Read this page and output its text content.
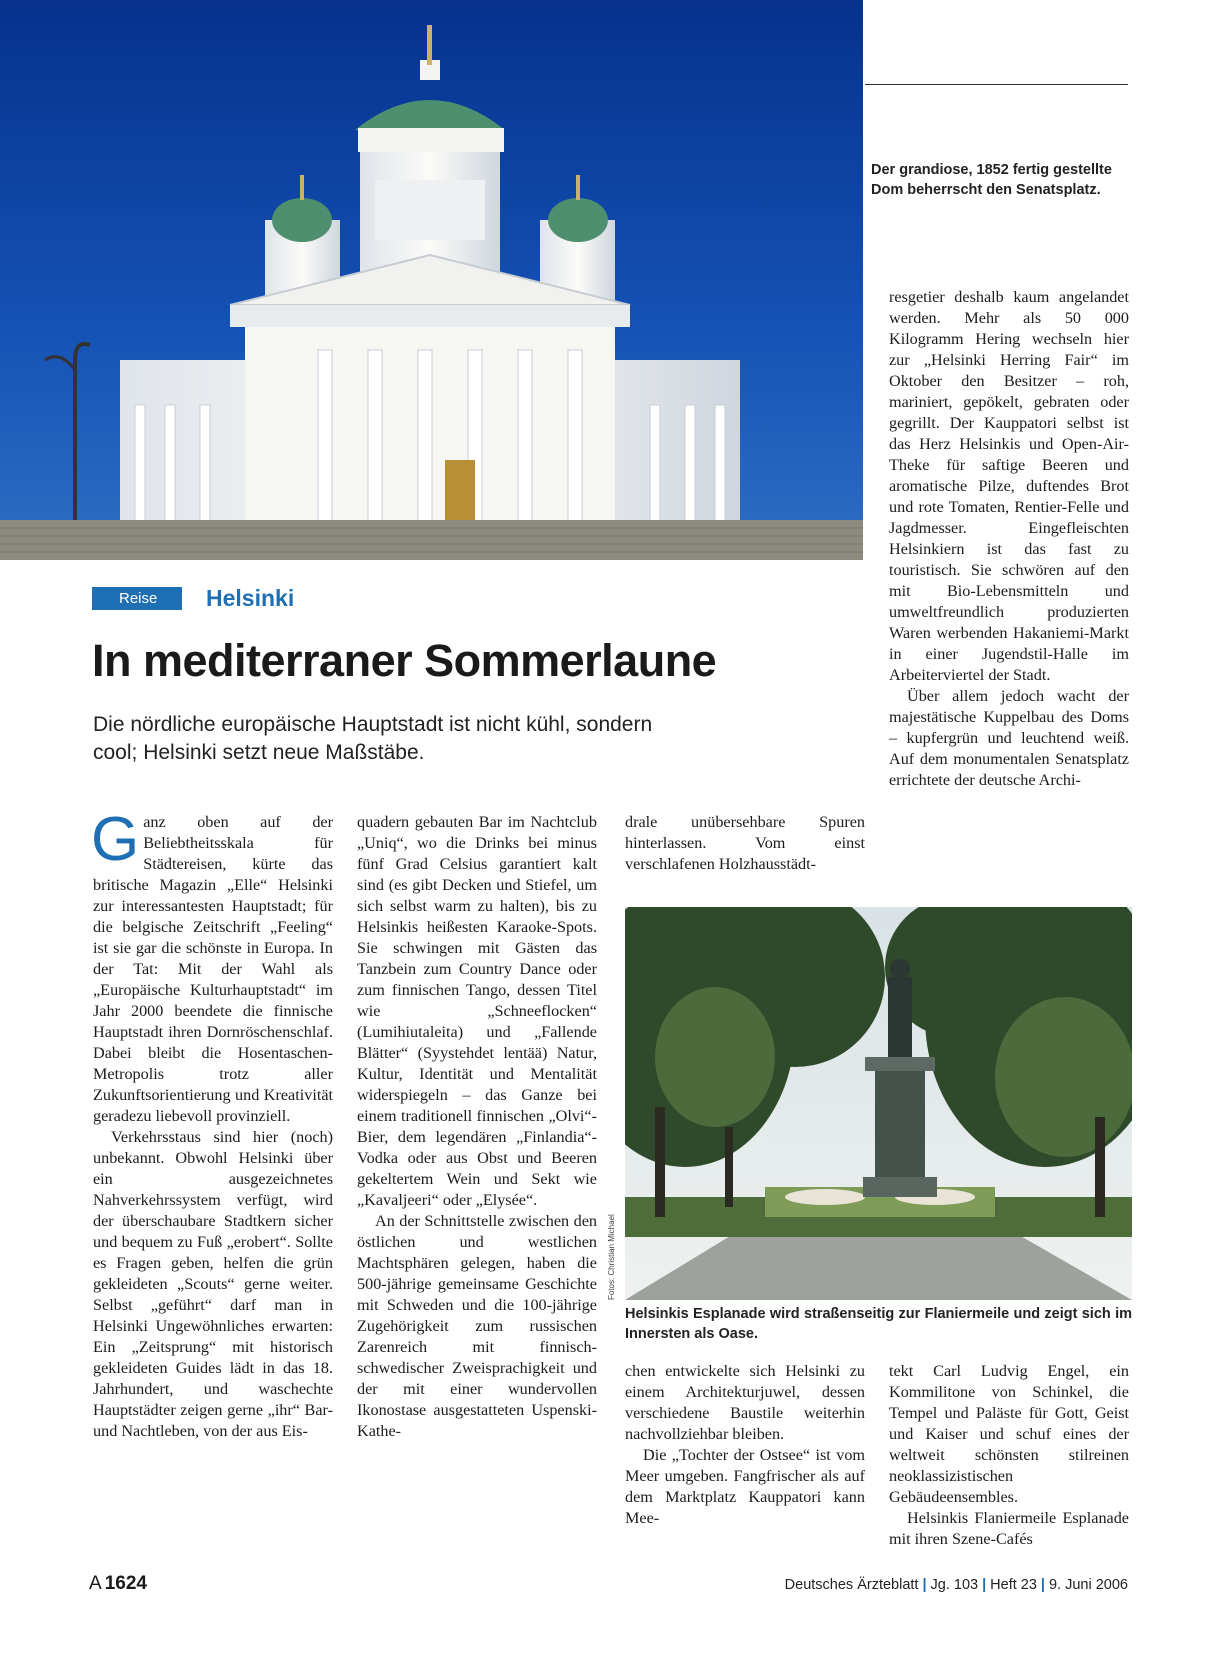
Der grandiose, 1852 fertig gestellte Dom beherrscht den Senatsplatz.
Reise	Helsinki
In mediterraner Sommerlaune
Die nördliche europäische Hauptstadt ist nicht kühl, sondern cool; Helsinki setzt neue Maßstäbe.

Ganz oben auf der Beliebtheitsskala für Städtereisen, kürte das britische Magazin „Elle“ Helsinki zur interessantesten Hauptstadt; für die belgische Zeitschrift „Feeling“ ist sie gar die schönste in Europa. In der Tat: Mit der Wahl als „Europäische Kulturhauptstadt“ im Jahr 2000 beendete die finnische Hauptstadt ihren Dornröschenschlaf. Dabei bleibt die Hosentaschen-Metropolis trotz aller Zukunftsorientierung und Kreativität geradezu liebevoll provinziell.

Verkehrsstaus sind hier (noch) unbekannt. Obwohl Helsinki über ein ausgezeichnetes Nahverkehrssystem verfügt, wird der überschaubare Stadtkern sicher und bequem zu Fuß „erobert“. Sollte es Fragen geben, helfen die grün gekleideten „Scouts“ gerne weiter. Selbst „geführt“ darf man in Helsinki Ungewöhnliches erwarten: Ein „Zeitsprung“ mit historisch gekleideten Guides lädt in das 18. Jahrhundert, und waschechte Hauptstädter zeigen gerne „ihr“ Bar- und Nachtleben, von der aus Eis-

quadern gebauten Bar im Nachtclub „Uniq“, wo die Drinks bei minus fünf Grad Celsius garantiert kalt sind (es gibt Decken und Stiefel, um sich selbst warm zu halten), bis zu Helsinkis heißesten Karaoke-Spots. Sie schwingen mit Gästen das Tanzbein zum Country Dance oder zum finnischen Tango, dessen Titel wie „Schneeflocken“ (Lumihiutaleita) und „Fallende Blätter“ (Syystehdet lentää) Natur, Kultur, Identität und Mentalität widerspiegeln – das Ganze bei einem traditionell finnischen „Olvi“-Bier, dem legendären „Finlandia“-Vodka oder aus Obst und Beeren gekeltertem Wein und Sekt wie „Kavaljeeri“ oder „Elysée“.

An der Schnittstelle zwischen den östlichen und westlichen Machtsphären gelegen, haben die 500-jährige gemeinsame Geschichte mit Schweden und die 100-jährige Zugehörigkeit zum russischen Zarenreich mit finnisch-schwedischer Zweisprachigkeit und der mit einer wundervollen Ikonostase ausgestatteten Uspenski-Kathe-

drale unübersehbare Spuren hinterlassen. Vom einst verschlafenen Holzhausstädt-

resgetier deshalb kaum angelandet werden. Mehr als 50 000 Kilogramm Hering wechseln hier zur „Helsinki Herring Fair“ im Oktober den Besitzer – roh, mariniert, gepökelt, gebraten oder gegrillt. Der Kauppatori selbst ist das Herz Helsinkis und Open-Air-Theke für saftige Beeren und aromatische Pilze, duftendes Brot und rote Tomaten, Rentier-Felle und Jagdmesser. Eingefleischten Helsinkiern ist das fast zu touristisch. Sie schwören auf den mit Bio-Lebensmitteln und umweltfreundlich produzierten Waren werbenden Hakaniemi-Markt in einer Jugendstil-Halle im Arbeiterviertel der Stadt.

Über allem jedoch wacht der majestätische Kuppelbau des Doms – kupfergrün und leuchtend weiß. Auf dem monumentalen Senatsplatz errichtete der deutsche Archi-

Fotos: Christian Michael
Helsinkis Esplanade wird straßenseitig zur Flaniermeile und zeigt sich im Innersten als Oase.

chen entwickelte sich Helsinki zu einem Architekturjuwel, dessen verschiedene Baustile weiterhin nachvollziehbar bleiben.

Die „Tochter der Ostsee“ ist vom Meer umgeben. Fangfrischer als auf dem Marktplatz Kauppatori kann Mee-

tekt Carl Ludvig Engel, ein Kommilitone von Schinkel, die Tempel und Paläste für Gott, Geist und Kaiser und schuf eines der weltweit schönsten stilreinen neoklassizistischen Gebäudeensembles.

Helsinkis Flaniermeile Esplanade mit ihren Szene-Cafés

A 1624	Deutsches Ärzteblatt | Jg. 103 | Heft 23 | 9. Juni 2006
